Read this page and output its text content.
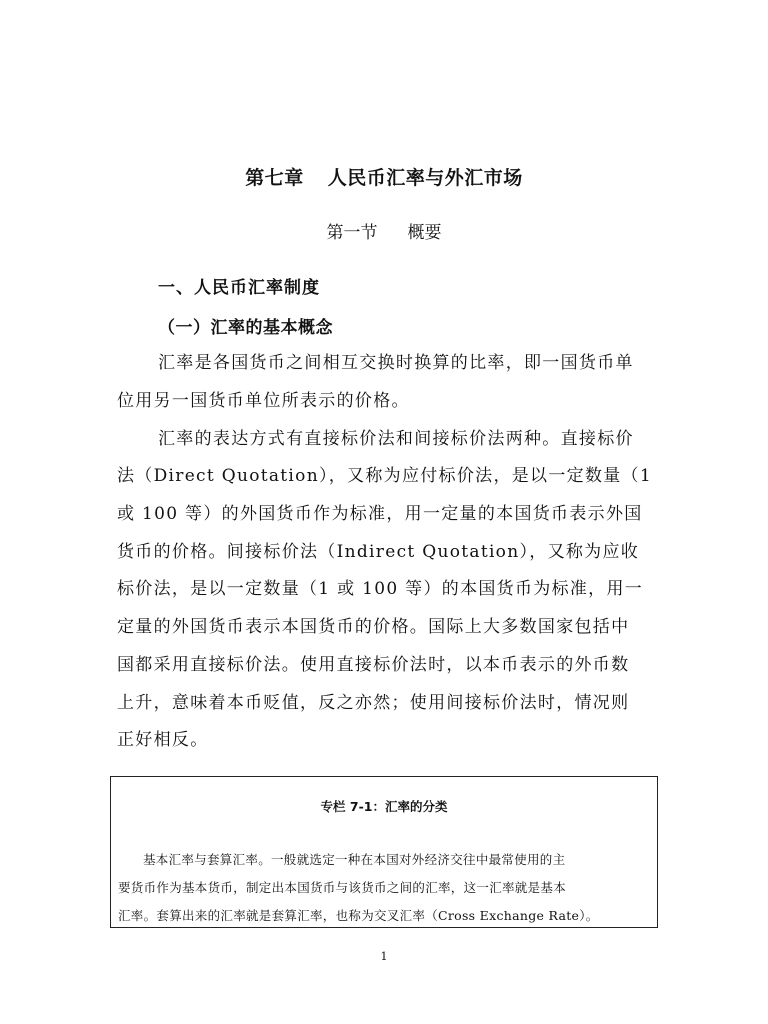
第七章 人民币汇率与外汇市场
第一节 概要
一、人民币汇率制度
（一）汇率的基本概念
汇率是各国货币之间相互交换时换算的比率，即一国货币单
位用另一国货币单位所表示的价格。
汇率的表达方式有直接标价法和间接标价法两种。直接标价
法（Direct Quotation），又称为应付标价法，是以一定数量（1
或 100 等）的外国货币作为标准，用一定量的本国货币表示外国
货币的价格。间接标价法（Indirect Quotation），又称为应收
标价法，是以一定数量（1 或 100 等）的本国货币为标准，用一
定量的外国货币表示本国货币的价格。国际上大多数国家包括中
国都采用直接标价法。使用直接标价法时，以本币表示的外币数
上升，意味着本币贬值，反之亦然；使用间接标价法时，情况则
正好相反。
专栏 7-1：汇率的分类
基本汇率与套算汇率。一般就选定一种在本国对外经济交往中最常使用的主
要货币作为基本货币，制定出本国货币与该货币之间的汇率，这一汇率就是基本
汇率。套算出来的汇率就是套算汇率，也称为交叉汇率（Cross Exchange Rate）。
1
